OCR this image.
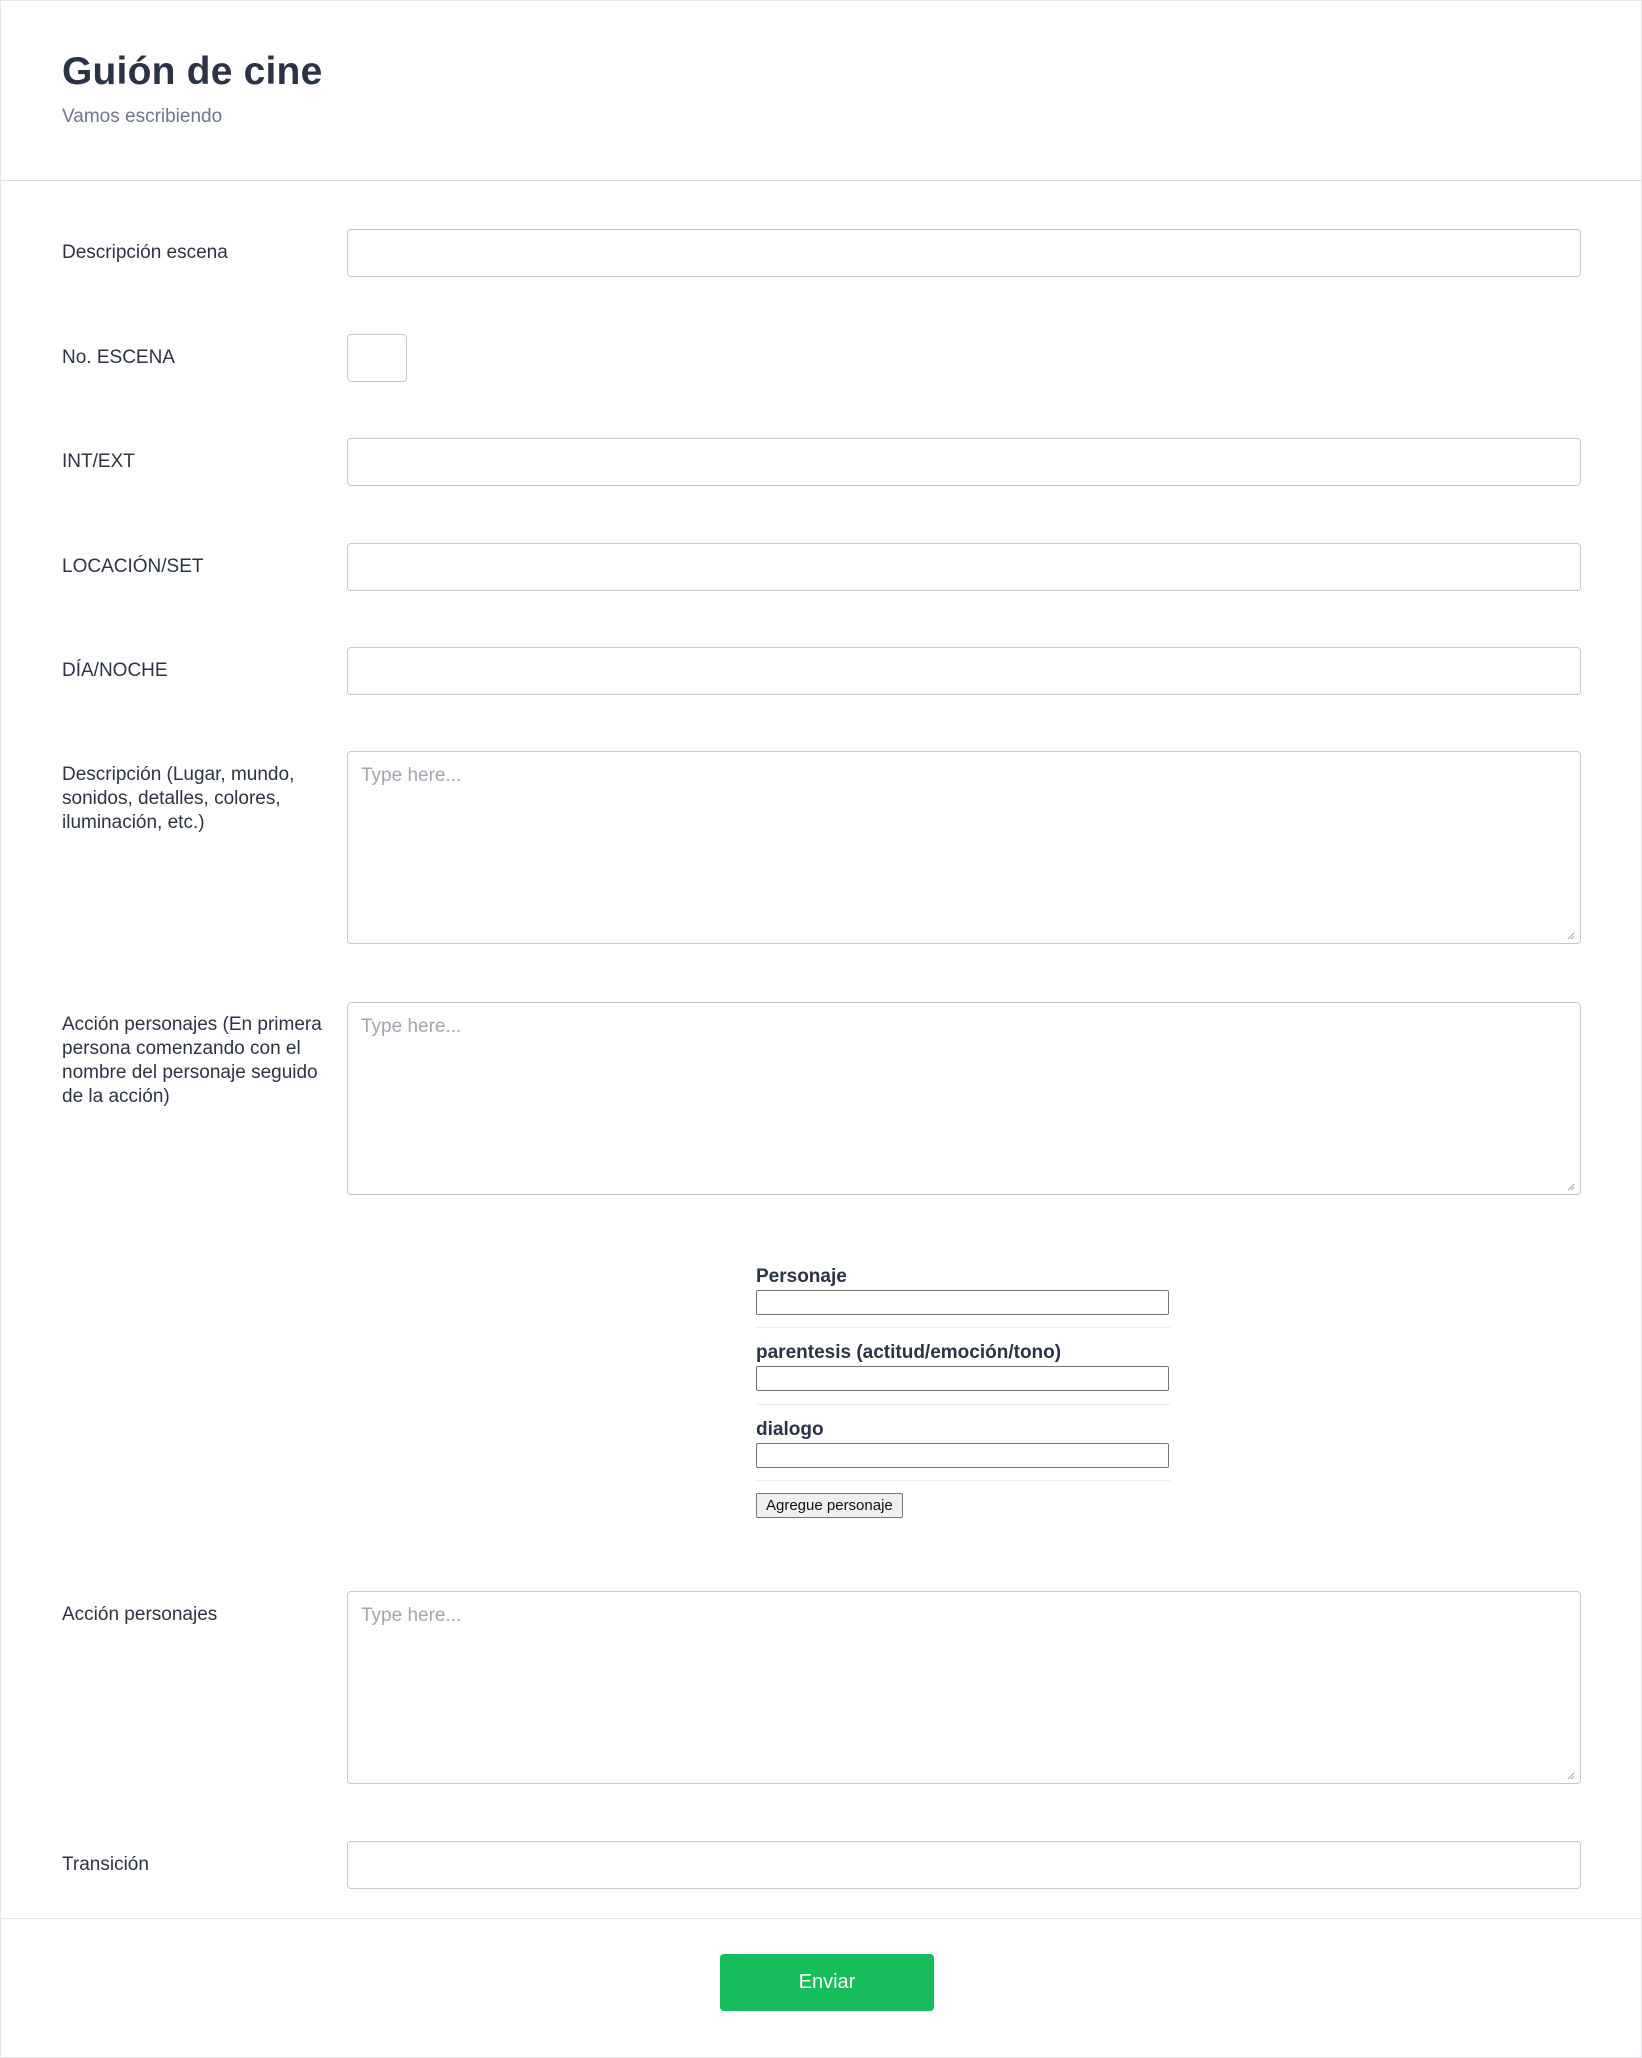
Guión de cine
Vamos escribiendo
Descripción escena
No. ESCENA
INT/EXT
LOCACIÓN/SET
DÍA/NOCHE
Descripción (Lugar, mundo, sonidos, detalles, colores, iluminación, etc.)
Type here...
Acción personajes (En primera persona comenzando con el nombre del personaje seguido de la acción)
Type here...
Personaje
parentesis (actitud/emoción/tono)
dialogo
Agregue personaje
Acción personajes
Type here...
Transición
Enviar
